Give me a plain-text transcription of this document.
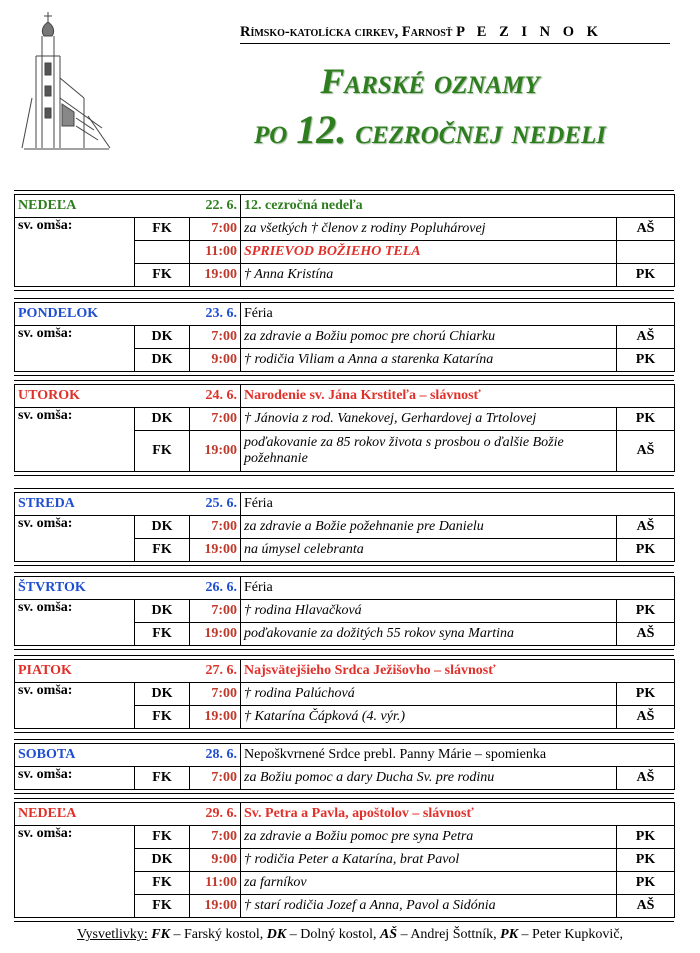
Rímsko-katolícka cirkev, Farnosť P E Z I N O K
Farské oznamy
po 12. cezročnej nedeli
NEDEĽA		22. 6.	12. cezročná nedeľa	
sv. omša:	FK	7:00	za všetkých † členov z rodiny Popluhárovej	AŠ
		11:00	SPRIEVOD BOŽIEHO TELA	
	FK	19:00	† Anna Kristína	PK
PONDELOK		23. 6.	Féria	
sv. omša:	DK	7:00	za zdravie a Božiu pomoc pre chorú Chiarku	AŠ
	DK	9:00	† rodičia Viliam a Anna a starenka Katarína	PK
UTOROK		24. 6.	Narodenie sv. Jána Krstiteľa – slávnosť	
sv. omša:	DK	7:00	† Jánovia z rod. Vanekovej, Gerhardovej a Trtolovej	PK
	FK	19:00	poďakovanie za 85 rokov života s prosbou o ďalšie Božie požehnanie	AŠ
STREDA		25. 6.	Féria	
sv. omša:	DK	7:00	za zdravie a Božie požehnanie pre Danielu	AŠ
	FK	19:00	na úmysel celebranta	PK
ŠTVRTOK		26. 6.	Féria	
sv. omša:	DK	7:00	† rodina Hlavačková	PK
	FK	19:00	poďakovanie za dožitých 55 rokov syna Martina	AŠ
PIATOK		27. 6.	Najsvätejšieho Srdca Ježišovho – slávnosť	
sv. omša:	DK	7:00	† rodina Palúchová	PK
	FK	19:00	† Katarína Čápková (4. výr.)	AŠ
SOBOTA		28. 6.	Nepoškvrnené Srdce prebl. Panny Márie – spomienka	
sv. omša:	FK	7:00	za Božiu pomoc a dary Ducha Sv. pre rodinu	AŠ
NEDEĽA		29. 6.	Sv. Petra a Pavla, apoštolov – slávnosť	
sv. omša:	FK	7:00	za zdravie a Božiu pomoc pre syna Petra	PK
	DK	9:00	† rodičia Peter a Katarína, brat Pavol	PK
	FK	11:00	za farníkov	PK
	FK	19:00	† starí rodičia Jozef a Anna, Pavol a Sidónia	AŠ
Vysvetlivky: FK – Farský kostol, DK – Dolný kostol, AŠ – Andrej Šottník, PK – Peter Kupkovič,
